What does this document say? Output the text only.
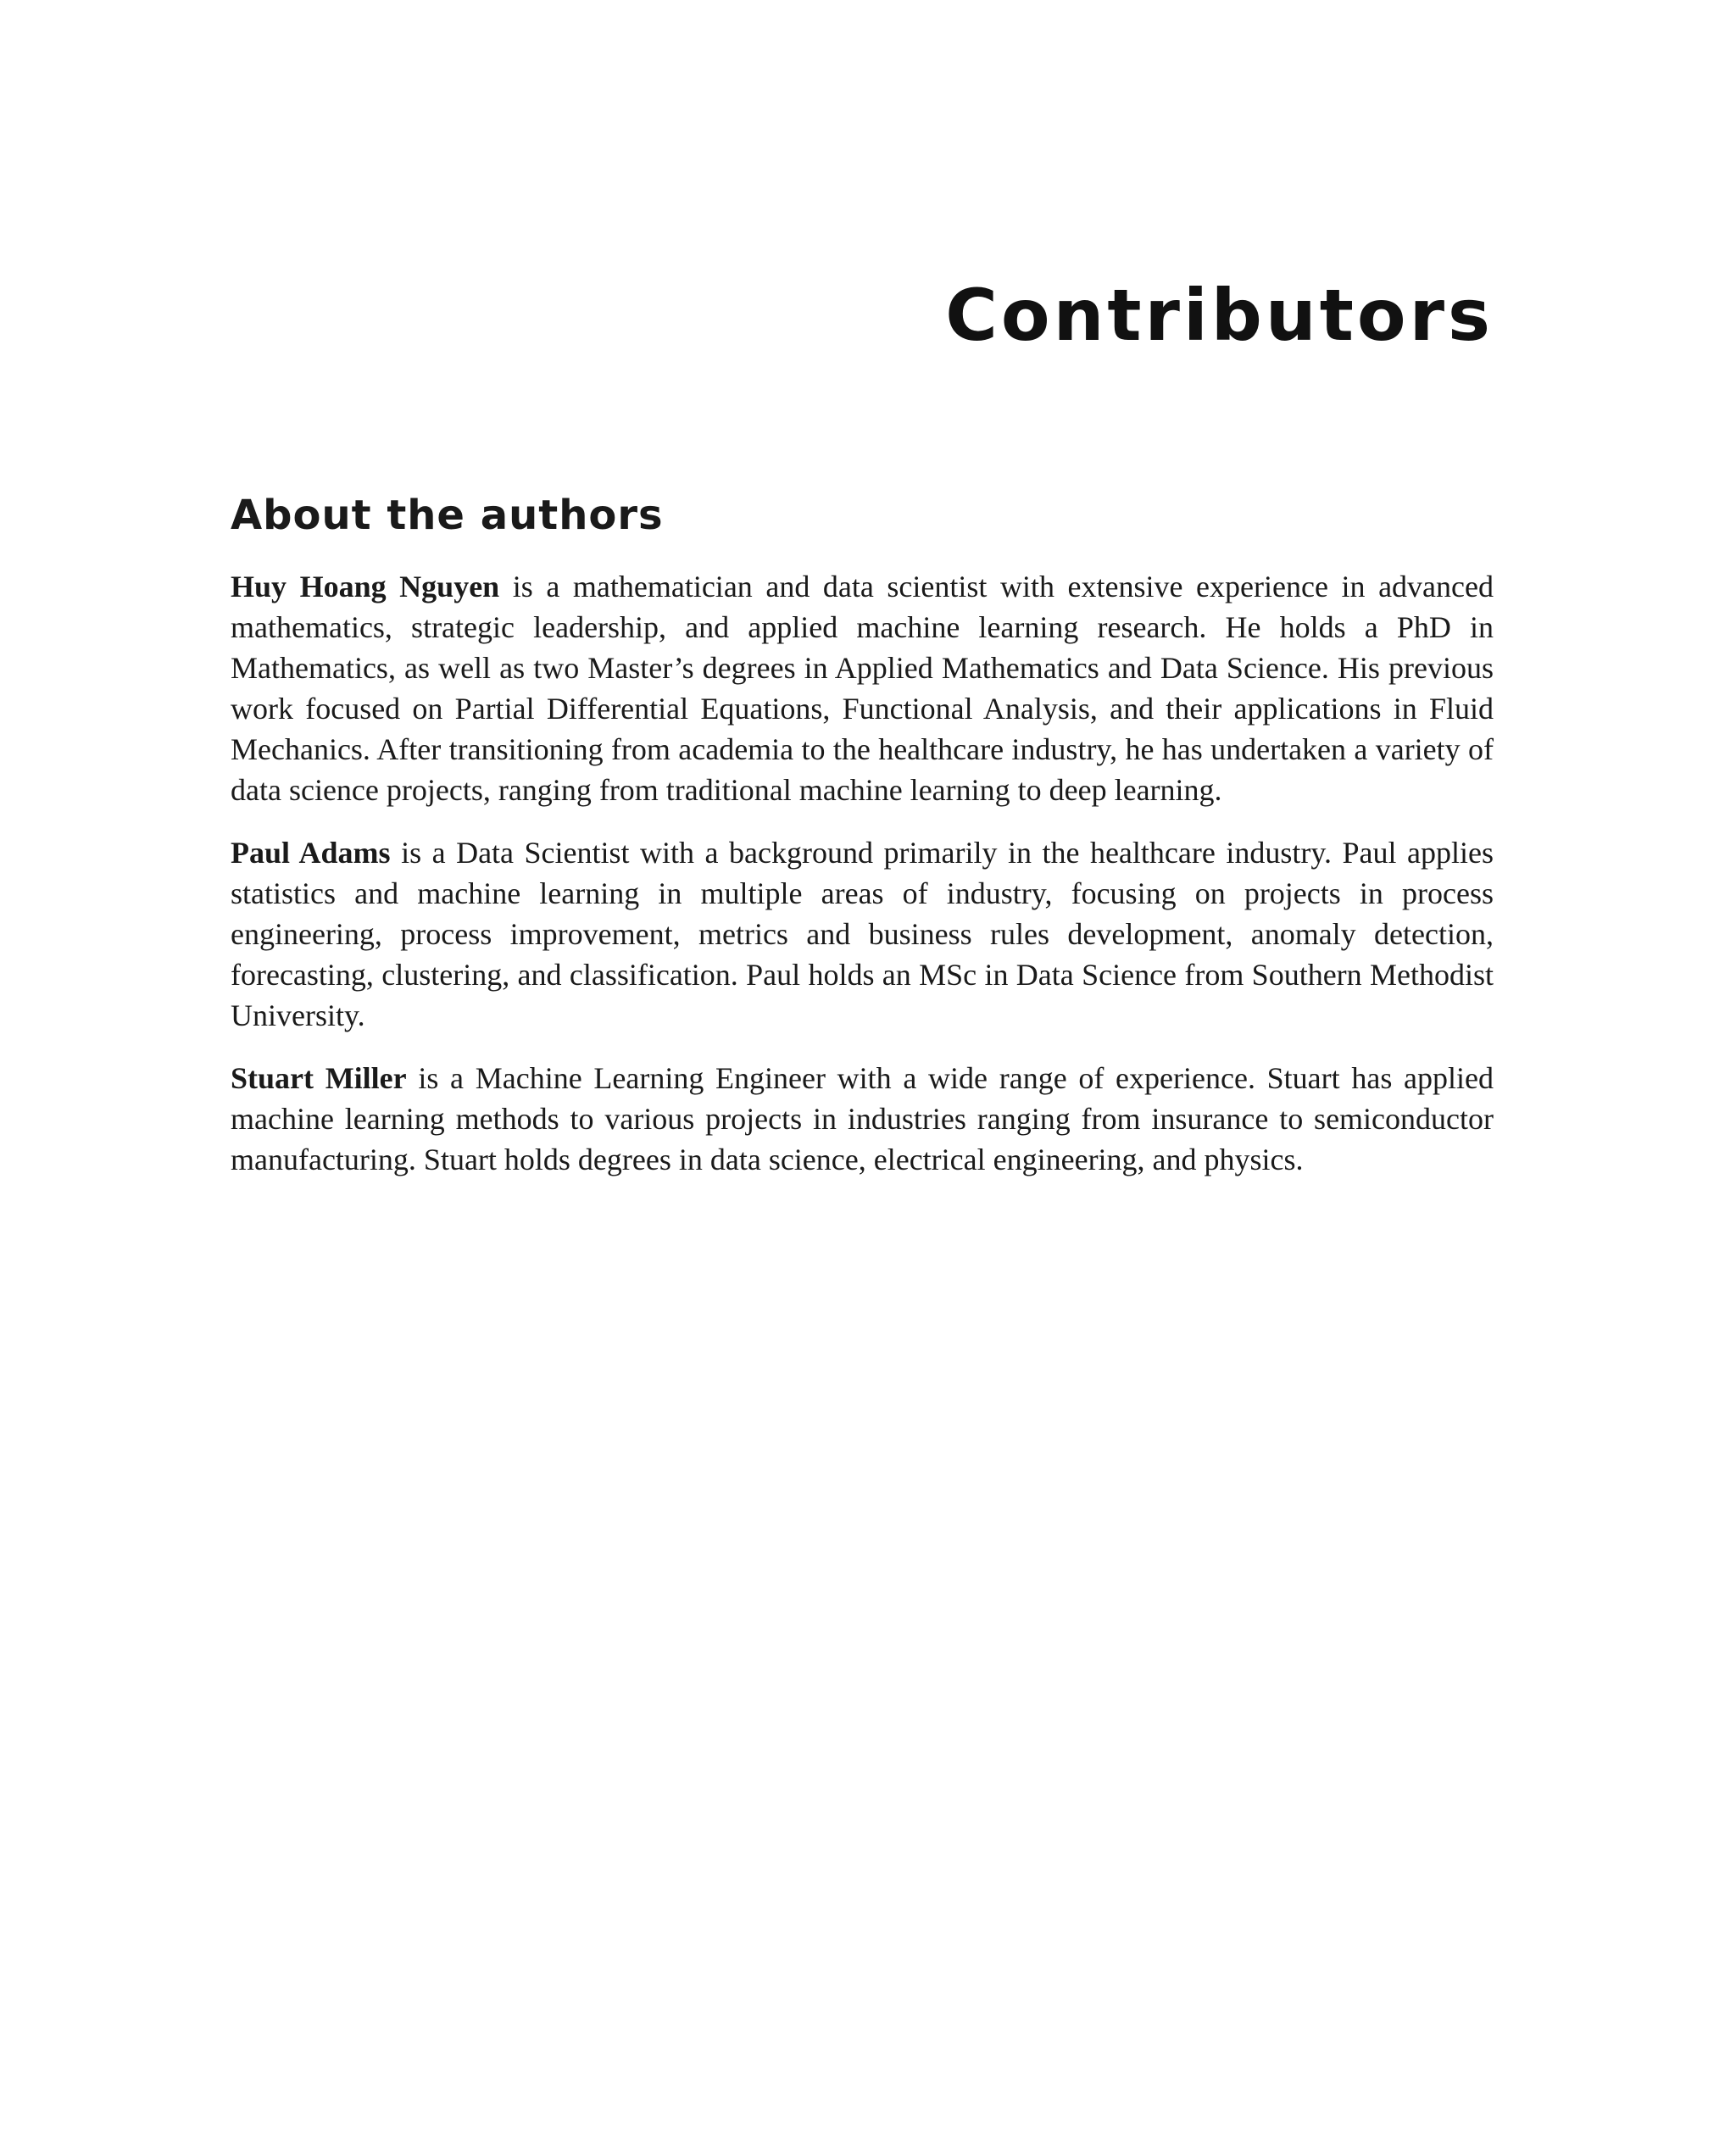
Contributors
About the authors

Huy Hoang Nguyen is a mathematician and data scientist with extensive experience in advanced mathematics, strategic leadership, and applied machine learning research. He holds a PhD in Mathematics, as well as two Master’s degrees in Applied Mathematics and Data Science. His previous work focused on Partial Differential Equations, Functional Analysis, and their applications in Fluid Mechanics. After transitioning from academia to the healthcare industry, he has undertaken a variety of data science projects, ranging from traditional machine learning to deep learning.

Paul Adams is a Data Scientist with a background primarily in the healthcare industry. Paul applies statistics and machine learning in multiple areas of industry, focusing on projects in process engineering, process improvement, metrics and business rules development, anomaly detection, forecasting, clustering, and classification. Paul holds an MSc in Data Science from Southern Methodist University.

Stuart Miller is a Machine Learning Engineer with a wide range of experience. Stuart has applied machine learning methods to various projects in industries ranging from insurance to semiconductor manufacturing. Stuart holds degrees in data science, electrical engineering, and physics.
